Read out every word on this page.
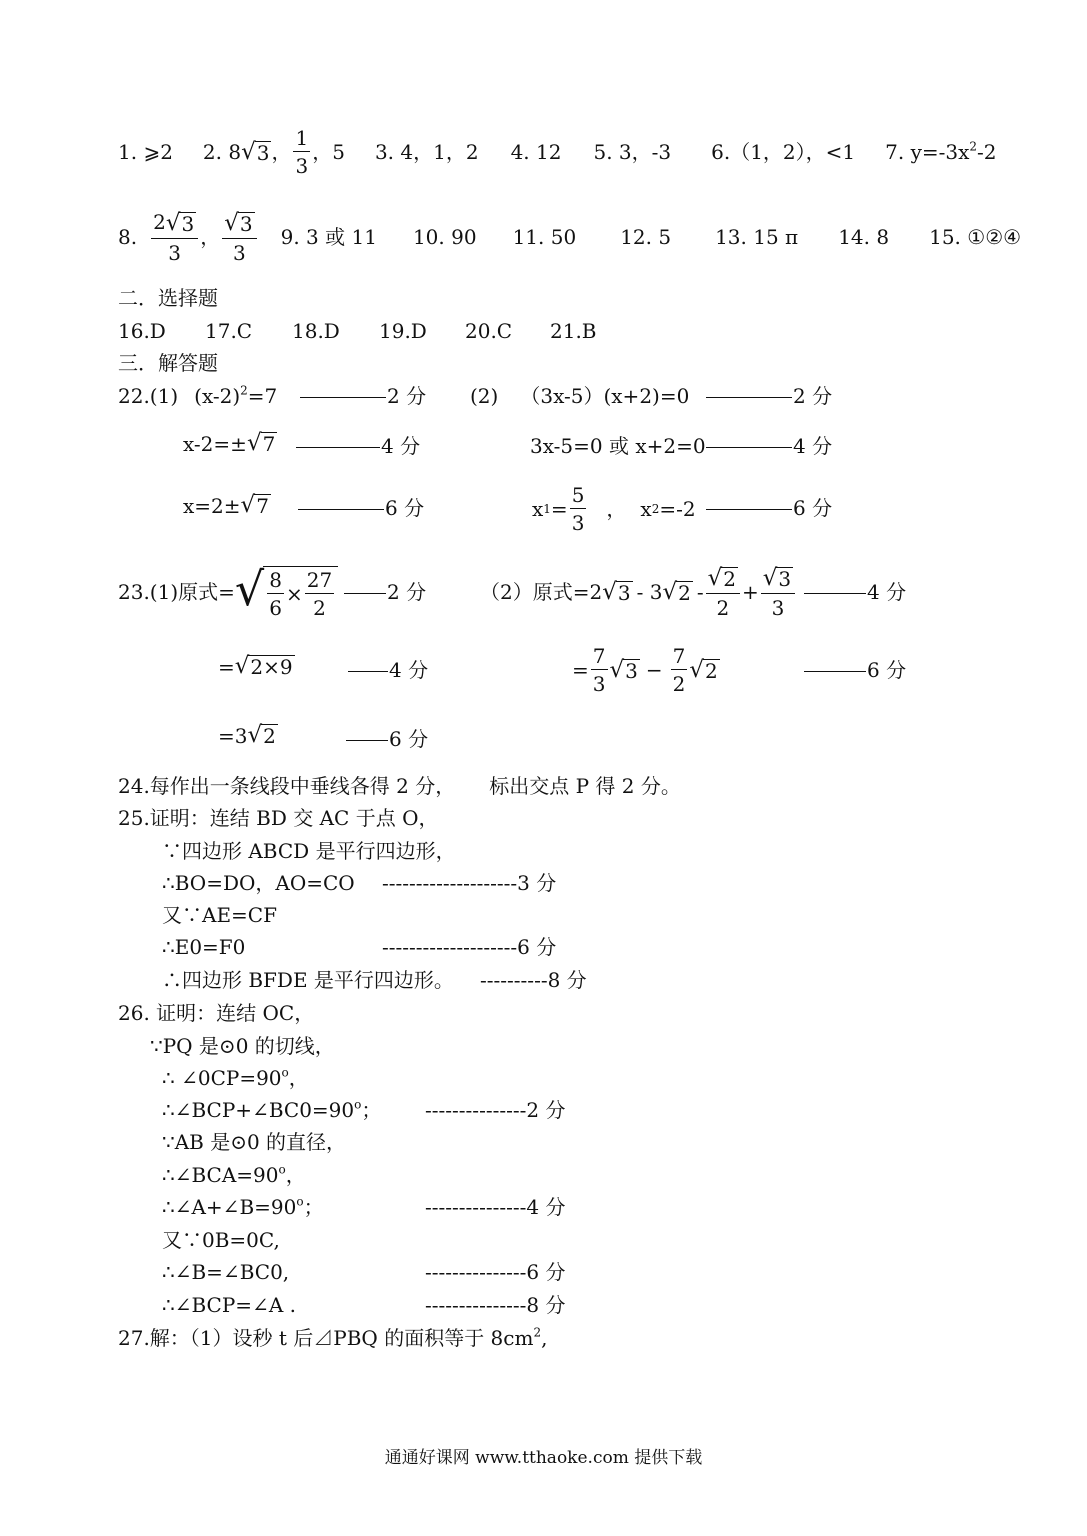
1. ⩾2 2. 8 √ 3 ， $\frac{1}{3}$ ，5 3. 4，1，2 4. 12 5. 3，-3 6.（1，2），<1 7. $y=-3x^2-2$
8. $\frac{2 √ 3}{3}$ ， $\frac{√ 3}{3} 9$. 3 或 11 10. 90 11. 50 12. 5 13. 15 π 14. 8 15. ①②④
二．选择题
16.D 17.C 18.D 19.D 20.C 21.B
三．解答题
22.(1) $(x-2)^2=7$	2 分 (2) （3x-5）(x+2)=0	2 分
x-2=± √ 7	4 分	3x-5=0 或 x+2=0	4 分
x=2± √ 7	6 分	x $1 = \frac{5}{3}$ ， x 2 =-2	6 分
23.(1)原式= √ $\frac{8}{6} \times \frac{27}{2}$	2 分	（2）原式= 2 √ 3 - 3 √ $2 - \frac{√ 2}{2} + \frac{√ 3}{3}$	4 分
= √ 2×9	4 分	= $\frac{7}{3}$ √ $3 - \frac{7}{2}$ √ 2	6 分
=3 √ 2	6 分
24.每作出一条线段中垂线各得 2 分， 标出交点 P 得 2 分。
25.证明：连结 BD 交 AC 于点 O，
∵四边形 ABCD 是平行四边形，
∴BO=DO，AO=CO --------------------3 分
又∵AE=CF
∴E0=F0	--------------------6 分
∴四边形 BFDE 是平行四边形。 ----------8 分
26. 证明：连结 OC，
∵PQ 是⊙0 的切线，
∴ $\angle 0CP=90^o$，
$\therefore\angle BCP+\angle BC0=90^o$； ---------------2 分
∵AB 是⊙0 的直径，
$\therefore\angle BCA=90^o$，
$\therefore\angle A+\angle B=90^o$；	---------------4 分
又∵0B=0C,
∴∠B=∠BC0,	---------------6 分
∴∠BCP=∠A .	---------------8 分
27.解：（1）设秒 t 后⊿PBQ 的面积等于 $8cm^2$,
通通好课网 www.tthaoke.com 提供下载
